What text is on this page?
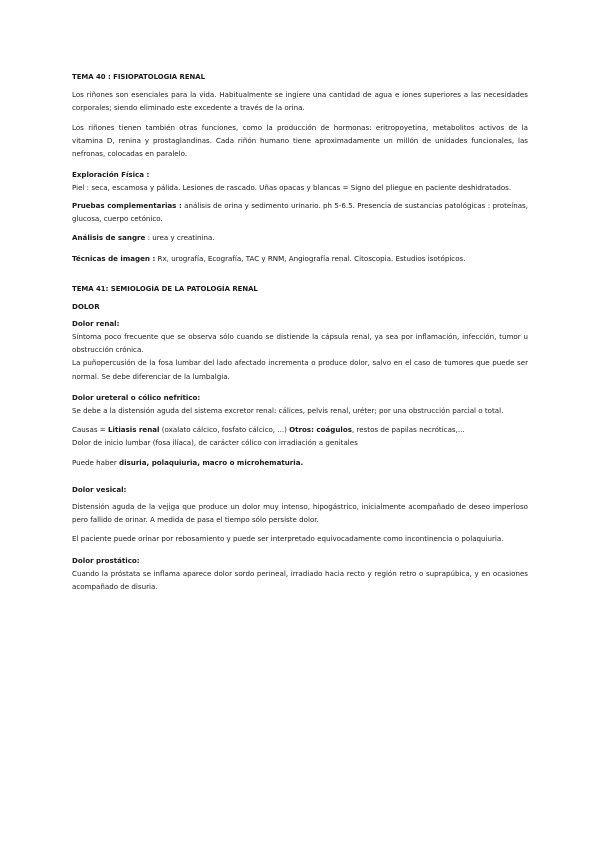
TEMA 40 : FISIOPATOLOGIA RENAL

Los riñones son esenciales para la vida. Habitualmente se ingiere una cantidad de agua e iones superiores a las necesidades corporales; siendo eliminado este excedente a través de la orina.

Los riñones tienen también otras funciones, como la producción de hormonas: eritropoyetina, metabolitos activos de la vitamina D, renina y prostaglandinas. Cada riñón humano tiene aproximadamente un millón de unidades funcionales, las nefronas, colocadas en paralelo.

Exploración Física :

Piel : seca, escamosa y pálida. Lesiones de rascado. Uñas opacas y blancas = Signo del pliegue en paciente deshidratados.

Pruebas complementarias : análisis de orina y sedimento urinario. ph 5-6.5. Presencia de sustancias patológicas : proteínas, glucosa, cuerpo cetónico.

Análisis de sangre : urea y creatinina.

Técnicas de imagen : Rx, urografía, Ecografía, TAC y RNM, Angiografía renal. Citoscopia. Estudios isotópicos.

TEMA 41: SEMIOLOGÍA DE LA PATOLOGÍA RENAL
DOLOR
Dolor renal:

Síntoma poco frecuente que se observa sólo cuando se distiende la cápsula renal, ya sea por inflamación, infección, tumor u obstrucción crónica.

La puñopercusión de la fosa lumbar del lado afectado incrementa o produce dolor, salvo en el caso de tumores que puede ser normal. Se debe diferenciar de la lumbalgia.

Dolor ureteral o cólico nefrítico:

Se debe a la distensión aguda del sistema excretor renal: cálices, pelvis renal, uréter; por una obstrucción parcial o total.

Causas = Litiasis renal (oxalato cálcico, fosfato cálcico, ...) Otros: coágulos, restos de papilas necróticas,...

Dolor de inicio lumbar (fosa ilíaca), de carácter cólico con irradiación a genitales

Puede haber disuria, polaquiuria, macro o microhematuria.

Dolor vesical:

Distensión aguda de la vejiga que produce un dolor muy intenso, hipogástrico, inicialmente acompañado de deseo imperioso pero fallido de orinar. A medida de pasa el tiempo sólo persiste dolor.

El paciente puede orinar por rebosamiento y puede ser interpretado equivocadamente como incontinencia o polaquiuria.

Dolor prostático:

Cuando la próstata se inflama aparece dolor sordo perineal, irradiado hacia recto y región retro o suprapúbica, y en ocasiones acompañado de disuria.
